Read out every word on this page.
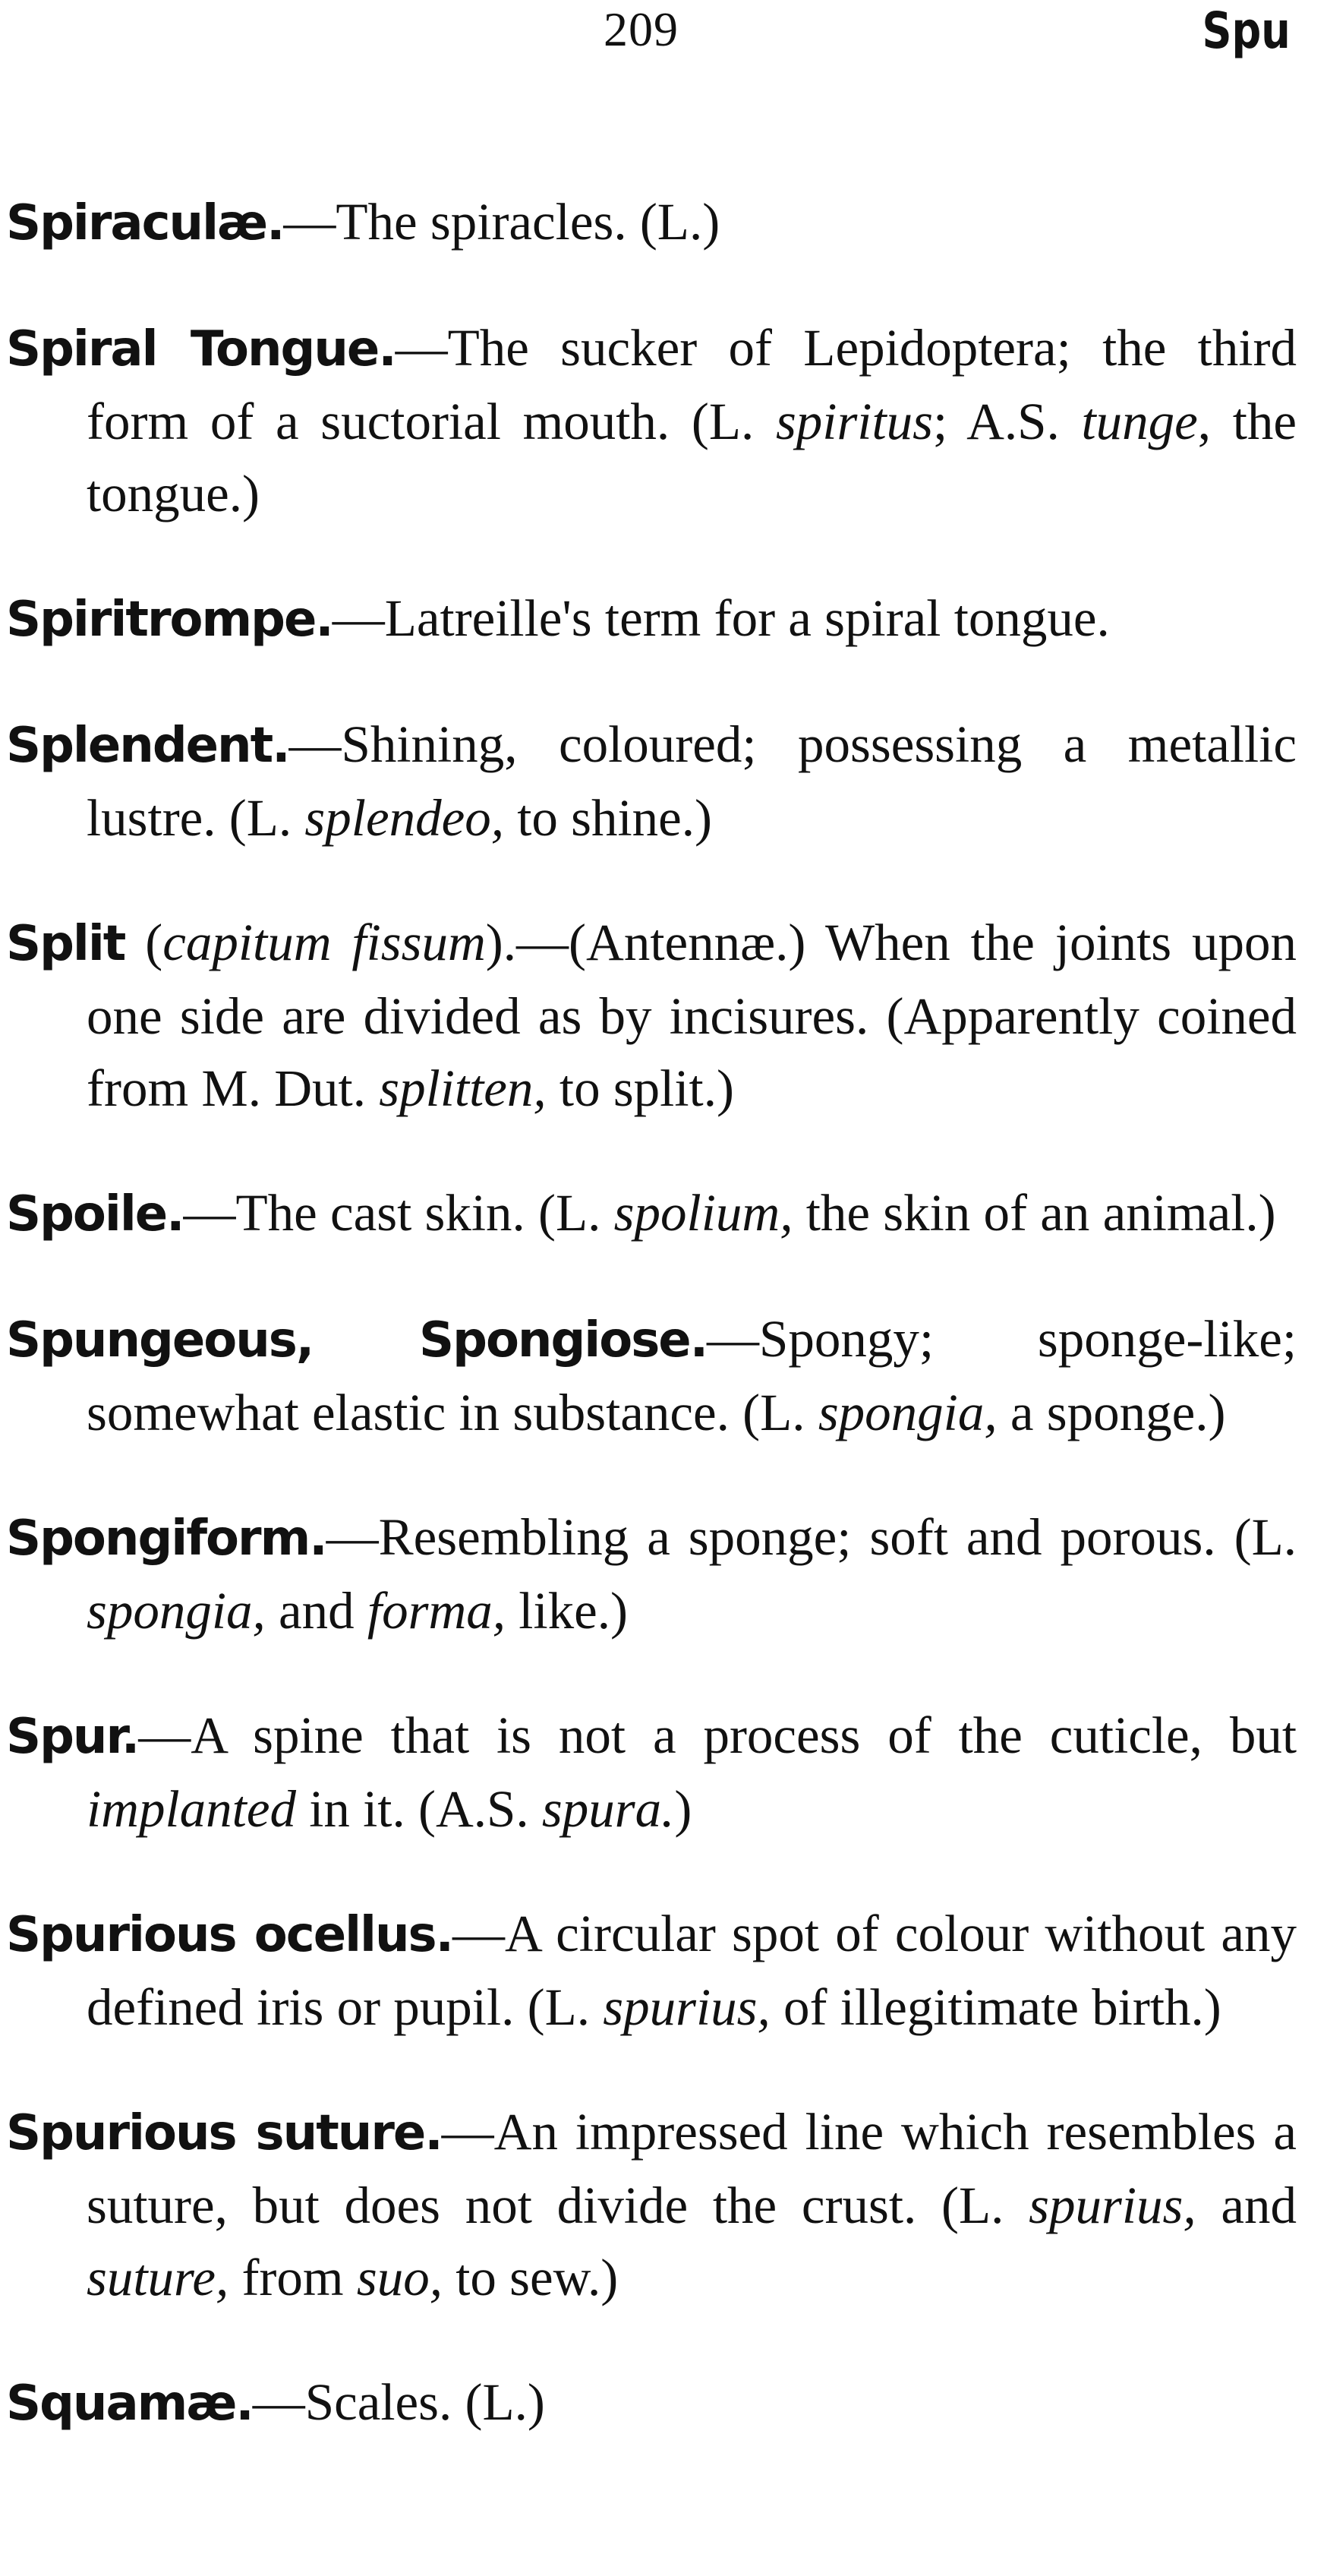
209	Spu

Spiraculæ.—The spiracles. (L.)

Spiral Tongue.—The sucker of Lepidoptera; the third form of a suctorial mouth. (L. spiritus; A.S. tunge, the tongue.)

Spiritrompe.—Latreille's term for a spiral tongue.

Splendent.—Shining, coloured; possessing a metallic lustre. (L. splendeo, to shine.)

Split (capitum fissum).—(Antennæ.) When the joints upon one side are divided as by incisures. (Apparently coined from M. Dut. splitten, to split.)

Spoile.—The cast skin. (L. spolium, the skin of an animal.)

Spungeous, Spongiose.—Spongy; sponge-like; somewhat elastic in substance. (L. spongia, a sponge.)

Spongiform.—Resembling a sponge; soft and porous. (L. spongia, and forma, like.)

Spur.—A spine that is not a process of the cuticle, but implanted in it. (A.S. spura.)

Spurious ocellus.—A circular spot of colour without any defined iris or pupil. (L. spurius, of illegitimate birth.)

Spurious suture.—An impressed line which resembles a suture, but does not divide the crust. (L. spurius, and suture, from suo, to sew.)

Squamæ.—Scales. (L.)
